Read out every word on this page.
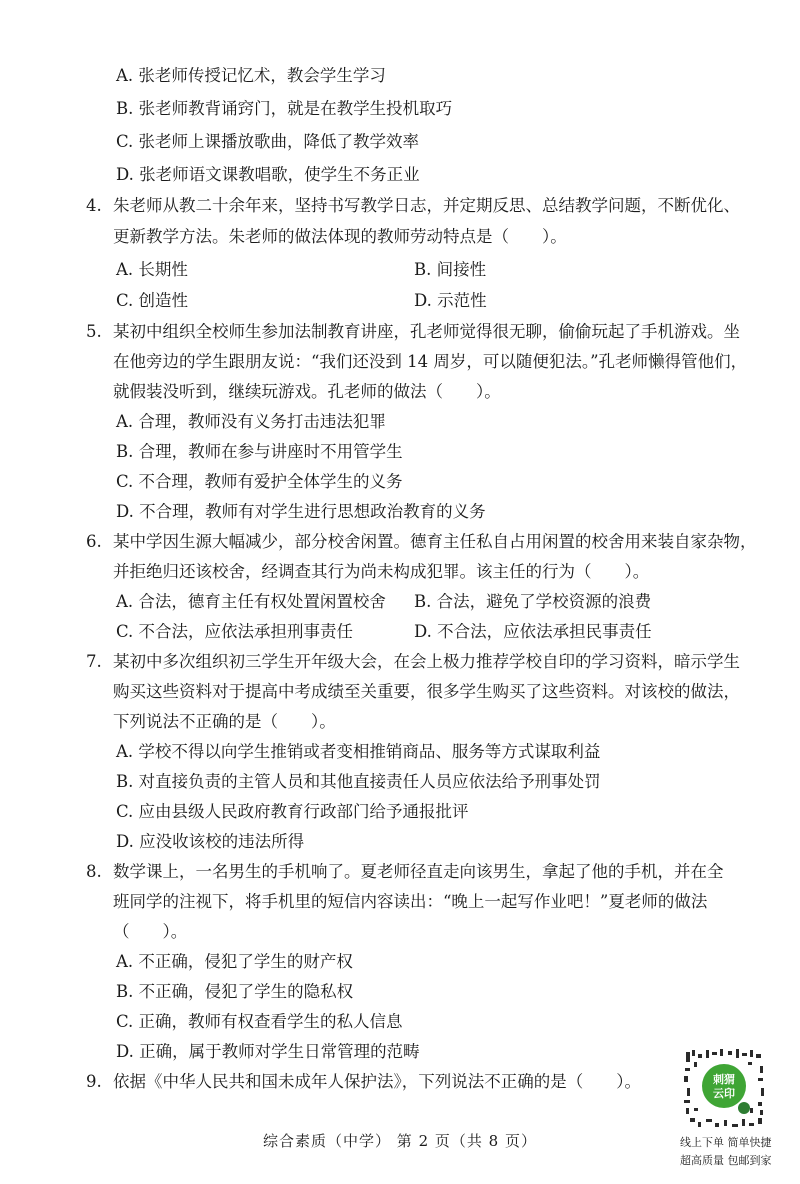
A. 张老师传授记忆术，教会学生学习
B. 张老师教背诵窍门，就是在教学生投机取巧
C. 张老师上课播放歌曲，降低了教学效率
D. 张老师语文课教唱歌，使学生不务正业
4. 朱老师从教二十余年来，坚持书写教学日志，并定期反思、总结教学问题，不断优化、
更新教学方法。朱老师的做法体现的教师劳动特点是（　　）。
A. 长期性	B. 间接性
C. 创造性	D. 示范性
5. 某初中组织全校师生参加法制教育讲座，孔老师觉得很无聊，偷偷玩起了手机游戏。坐
在他旁边的学生跟朋友说：“我们还没到 14 周岁，可以随便犯法。”孔老师懒得管他们，
就假装没听到，继续玩游戏。孔老师的做法（　　）。
A. 合理，教师没有义务打击违法犯罪
B. 合理，教师在参与讲座时不用管学生
C. 不合理，教师有爱护全体学生的义务
D. 不合理，教师有对学生进行思想政治教育的义务
6. 某中学因生源大幅减少，部分校舍闲置。德育主任私自占用闲置的校舍用来装自家杂物，
并拒绝归还该校舍，经调查其行为尚未构成犯罪。该主任的行为（　　）。
A. 合法，德育主任有权处置闲置校舍 B. 合法，避免了学校资源的浪费
C. 不合法，应依法承担刑事责任	D. 不合法，应依法承担民事责任
7. 某初中多次组织初三学生开年级大会，在会上极力推荐学校自印的学习资料，暗示学生
购买这些资料对于提高中考成绩至关重要，很多学生购买了这些资料。对该校的做法，
下列说法不正确的是（　　）。
A. 学校不得以向学生推销或者变相推销商品、服务等方式谋取利益
B. 对直接负责的主管人员和其他直接责任人员应依法给予刑事处罚
C. 应由县级人民政府教育行政部门给予通报批评
D. 应没收该校的违法所得
8. 数学课上，一名男生的手机响了。夏老师径直走向该男生，拿起了他的手机，并在全
班同学的注视下，将手机里的短信内容读出：“晚上一起写作业吧！”夏老师的做法
（　　）。
A. 不正确，侵犯了学生的财产权
B. 不正确，侵犯了学生的隐私权
C. 正确，教师有权查看学生的私人信息
D. 正确，属于教师对学生日常管理的范畴
9. 依据《中华人民共和国未成年人保护法》，下列说法不正确的是（　　）。
综合素质（中学） 第 2 页（共 8 页）
刺猬
云印
线上下单 简单快捷
超高质量 包邮到家
